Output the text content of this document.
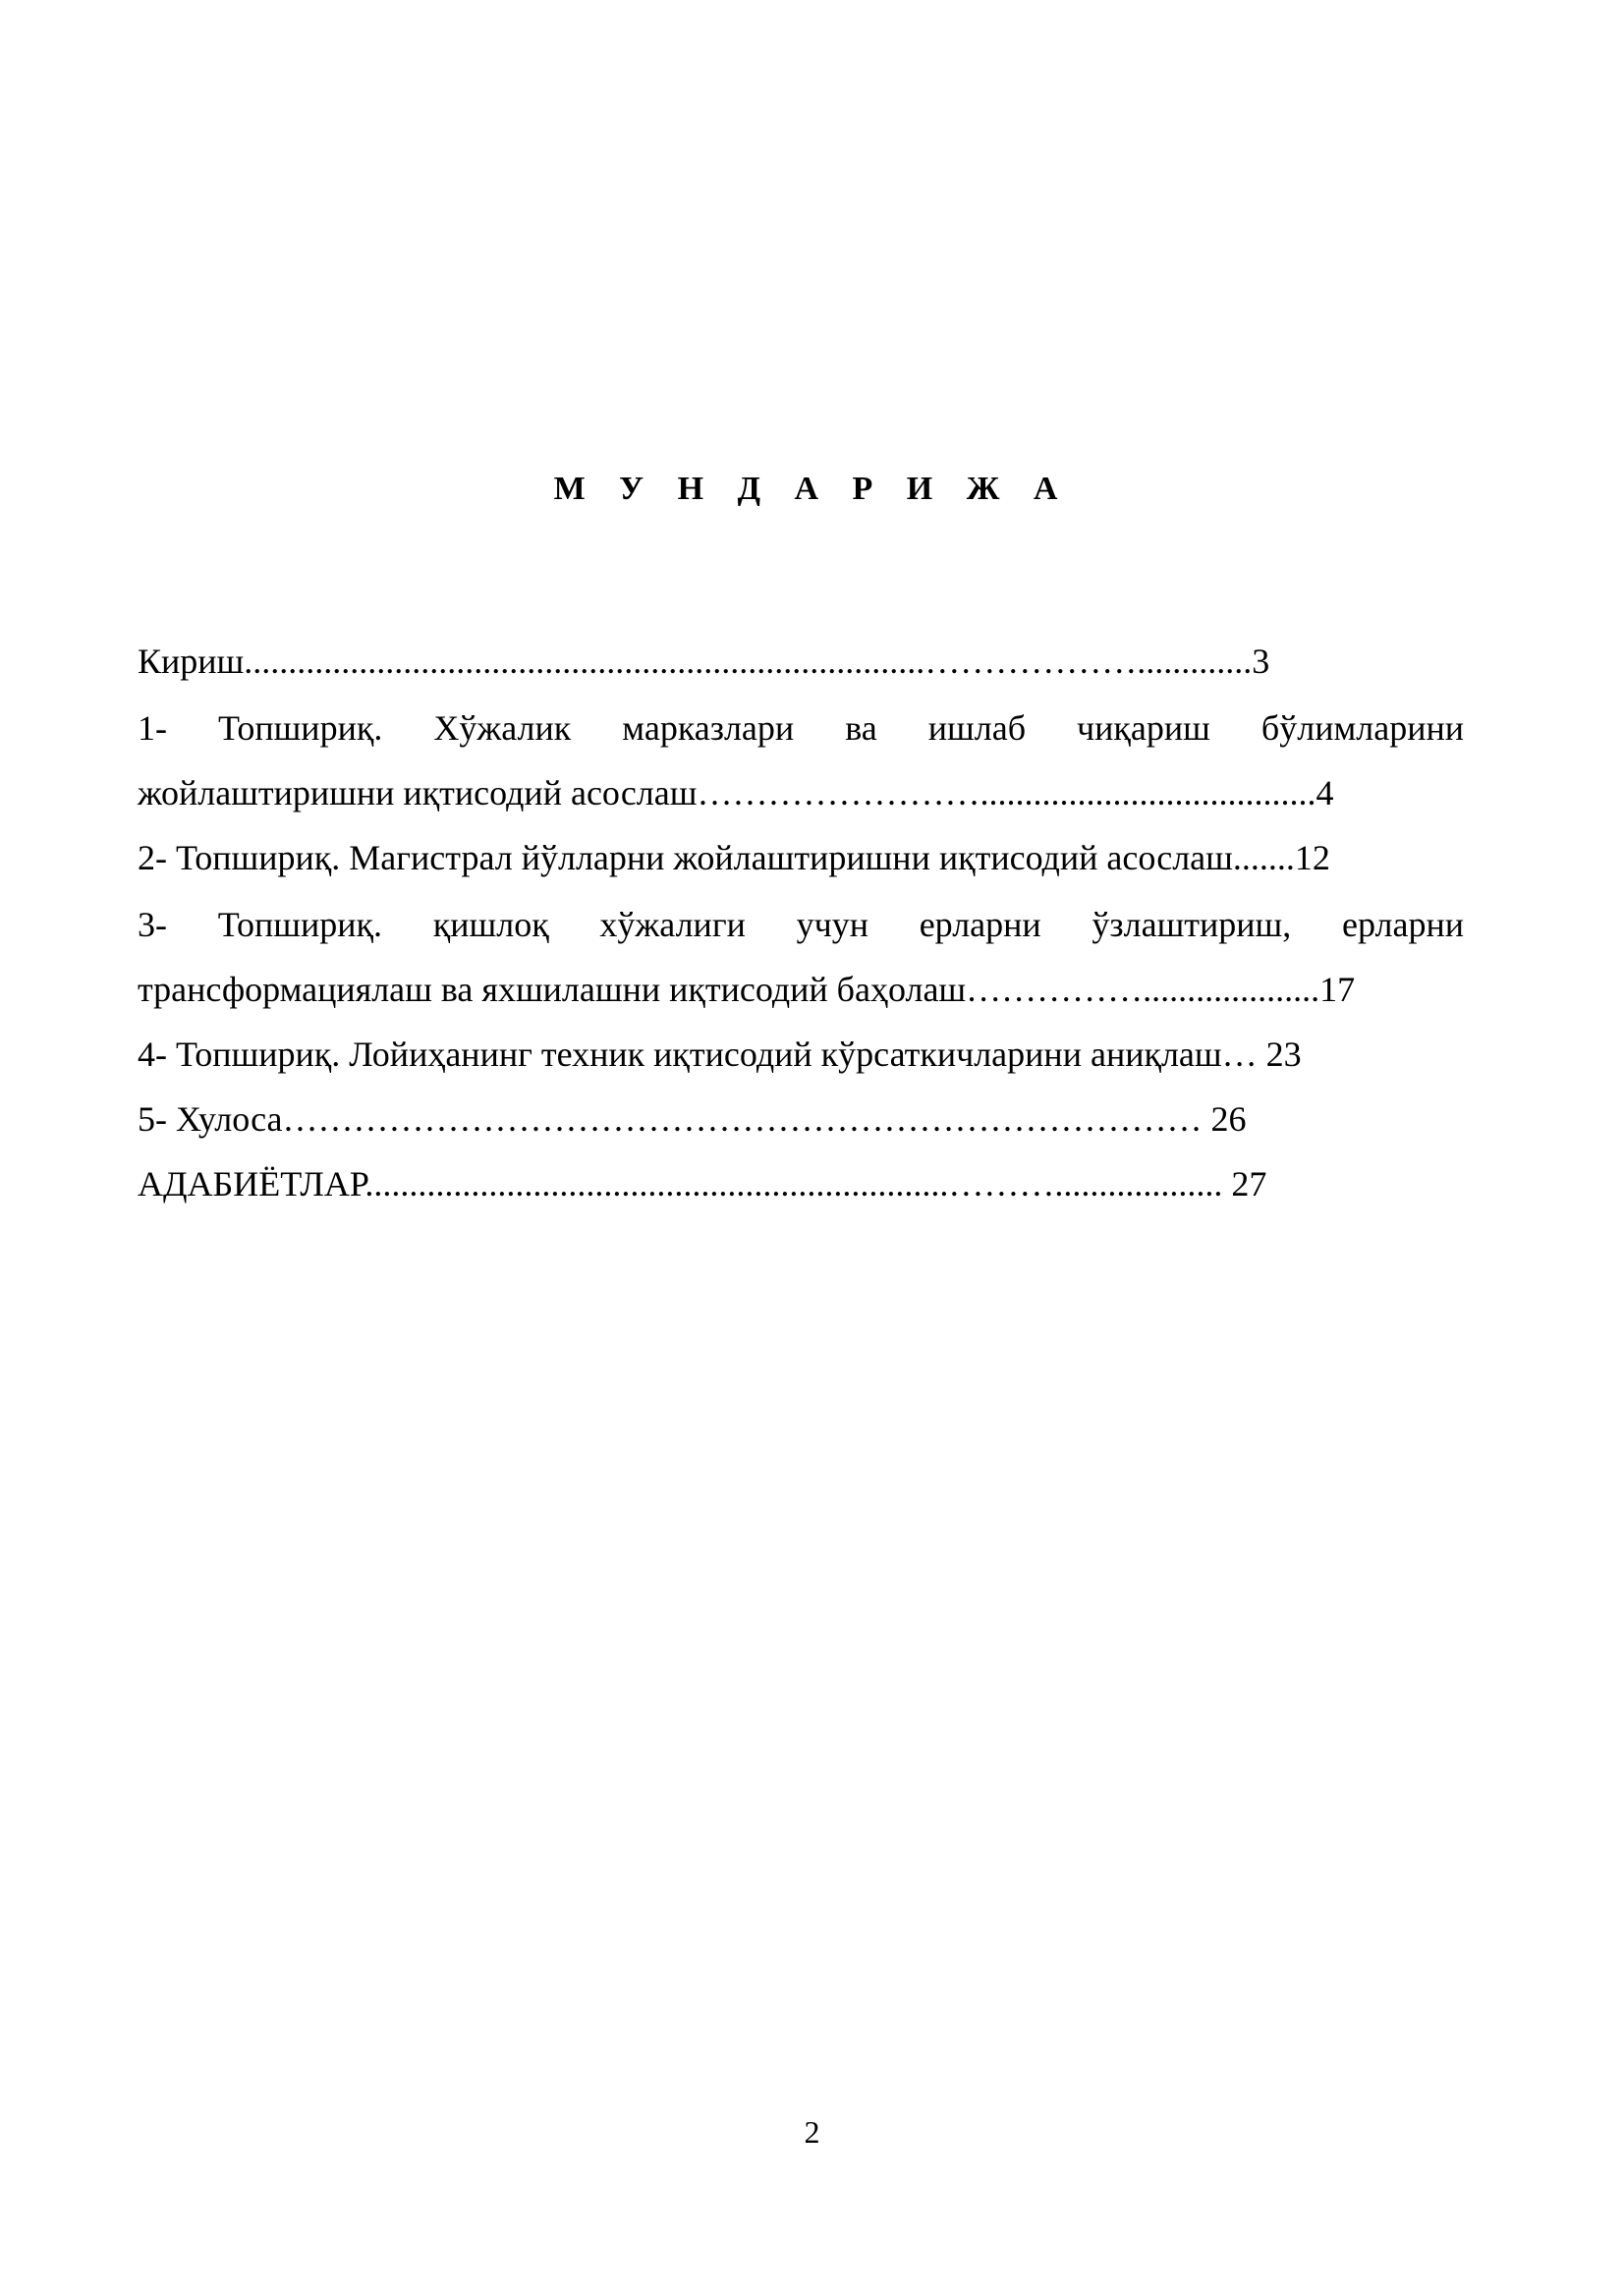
М У Н Д А Р И Ж А
Кириш.............................................................................……………….............3
1- Топшириқ. Хўжалик марказлари ва ишлаб чиқариш бўлимларини
жойлаштиришни иқтисодий асослаш……………………......................................4
2- Топшириқ. Магистрал йўлларни жойлаштиришни иқтисодий асослаш.......12
3- Топшириқ. қишлоқ хўжалиги учун ерларни ўзлаштириш, ерларни
трансформациялаш ва яхшилашни иқтисодий баҳолаш……………....................17
4- Топшириқ. Лойиҳанинг техник иқтисодий кўрсаткичларини аниқлаш… 23
5- Хулоса…………………………………………………………………… 26
АДАБИЁТЛАР..................................................................………................... 27
2
